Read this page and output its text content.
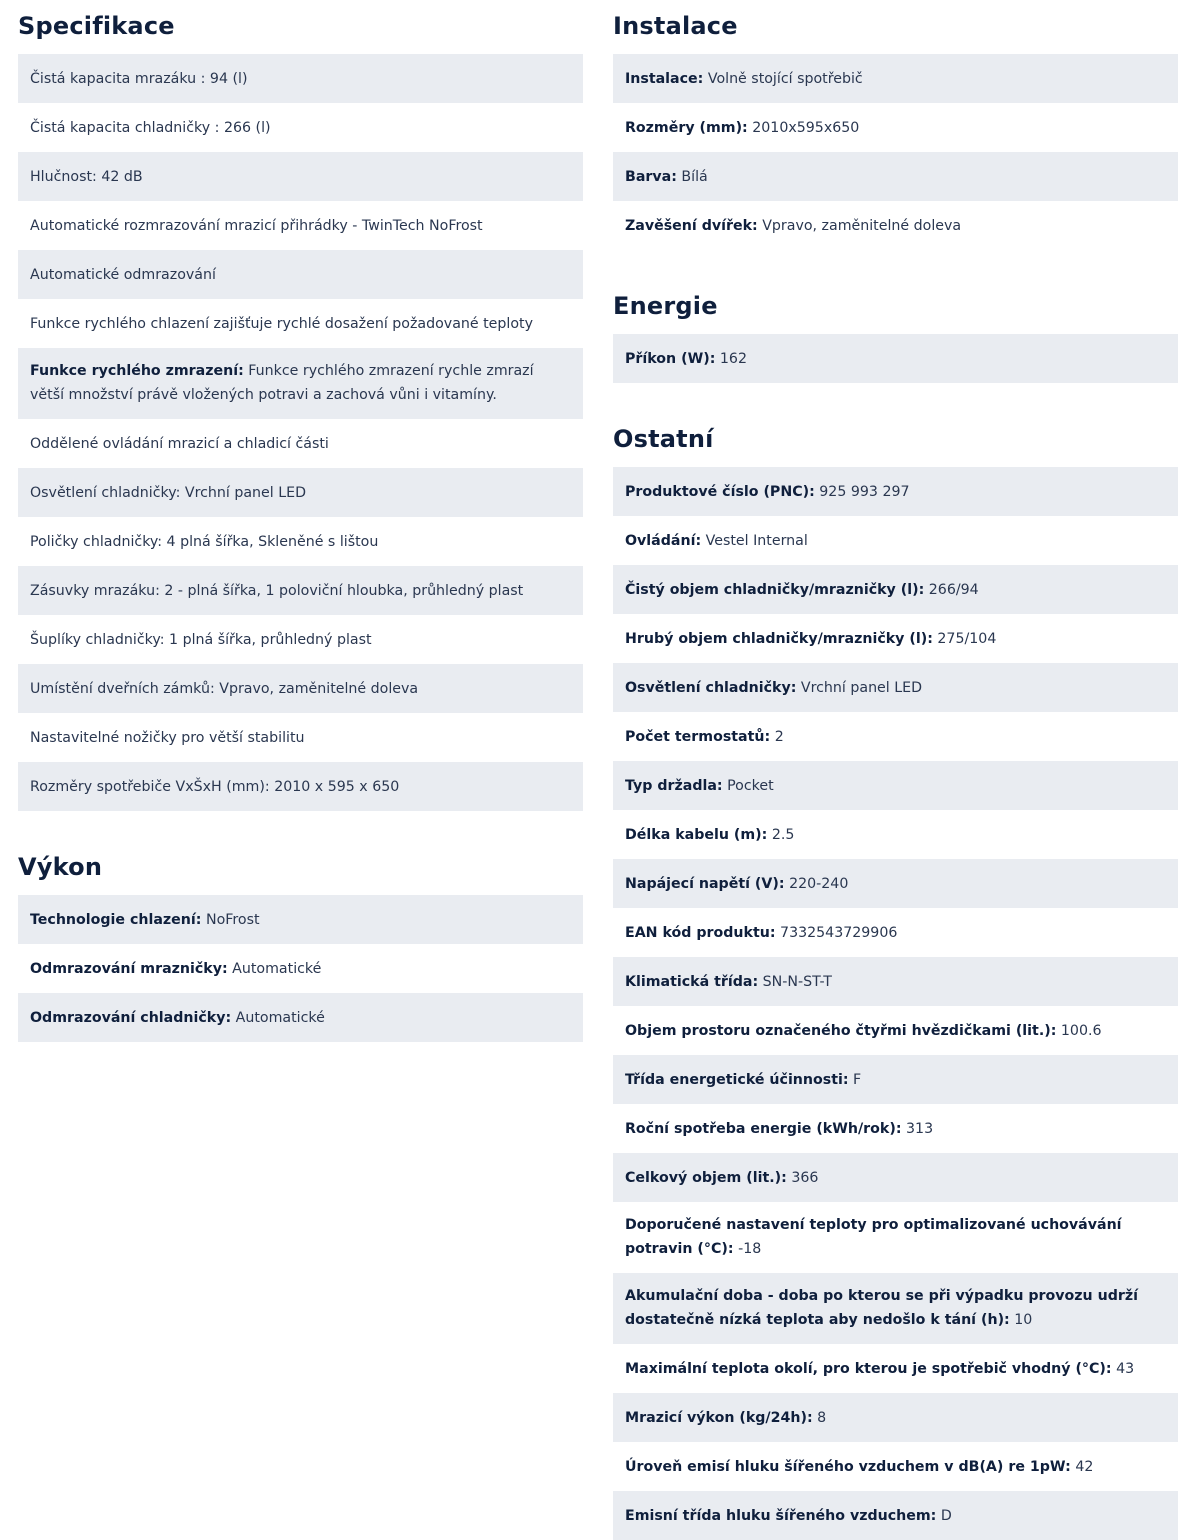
Specifikace
Čistá kapacita mrazáku : 94 (l)
Čistá kapacita chladničky : 266 (l)
Hlučnost: 42 dB
Automatické rozmrazování mrazicí přihrádky - TwinTech NoFrost
Automatické odmrazování
Funkce rychlého chlazení zajišťuje rychlé dosažení požadované teploty
Funkce rychlého zmrazení: Funkce rychlého zmrazení rychle zmrazí větší množství právě vložených potravi a zachová vůni i vitamíny.
Oddělené ovládání mrazicí a chladicí části
Osvětlení chladničky: Vrchní panel LED
Poličky chladničky: 4 plná šířka, Skleněné s lištou
Zásuvky mrazáku: 2 - plná šířka, 1 poloviční hloubka, průhledný plast
Šuplíky chladničky: 1 plná šířka, průhledný plast
Umístění dveřních zámků: Vpravo, zaměnitelné doleva
Nastavitelné nožičky pro větší stabilitu
Rozměry spotřebiče VxŠxH (mm): 2010 x 595 x 650
Výkon
Technologie chlazení: NoFrost
Odmrazování mrazničky: Automatické
Odmrazování chladničky: Automatické
Instalace
Instalace: Volně stojící spotřebič
Rozměry (mm): 2010x595x650
Barva: Bílá
Zavěšení dvířek: Vpravo, zaměnitelné doleva
Energie
Příkon (W): 162
Ostatní
Produktové číslo (PNC): 925 993 297
Ovládání: Vestel Internal
Čistý objem chladničky/mrazničky (l): 266/94
Hrubý objem chladničky/mrazničky (l): 275/104
Osvětlení chladničky: Vrchní panel LED
Počet termostatů: 2
Typ držadla: Pocket
Délka kabelu (m): 2.5
Napájecí napětí (V): 220-240
EAN kód produktu: 7332543729906
Klimatická třída: SN-N-ST-T
Objem prostoru označeného čtyřmi hvězdičkami (lit.): 100.6
Třída energetické účinnosti: F
Roční spotřeba energie (kWh/rok): 313
Celkový objem (lit.): 366
Doporučené nastavení teploty pro optimalizované uchovávání potravin (°C): -18
Akumulační doba - doba po kterou se při výpadku provozu udrží dostatečně nízká teplota aby nedošlo k tání (h): 10
Maximální teplota okolí, pro kterou je spotřebič vhodný (°C): 43
Mrazicí výkon (kg/24h): 8
Úroveň emisí hluku šířeného vzduchem v dB(A) re 1pW: 42
Emisní třída hluku šířeného vzduchem: D
